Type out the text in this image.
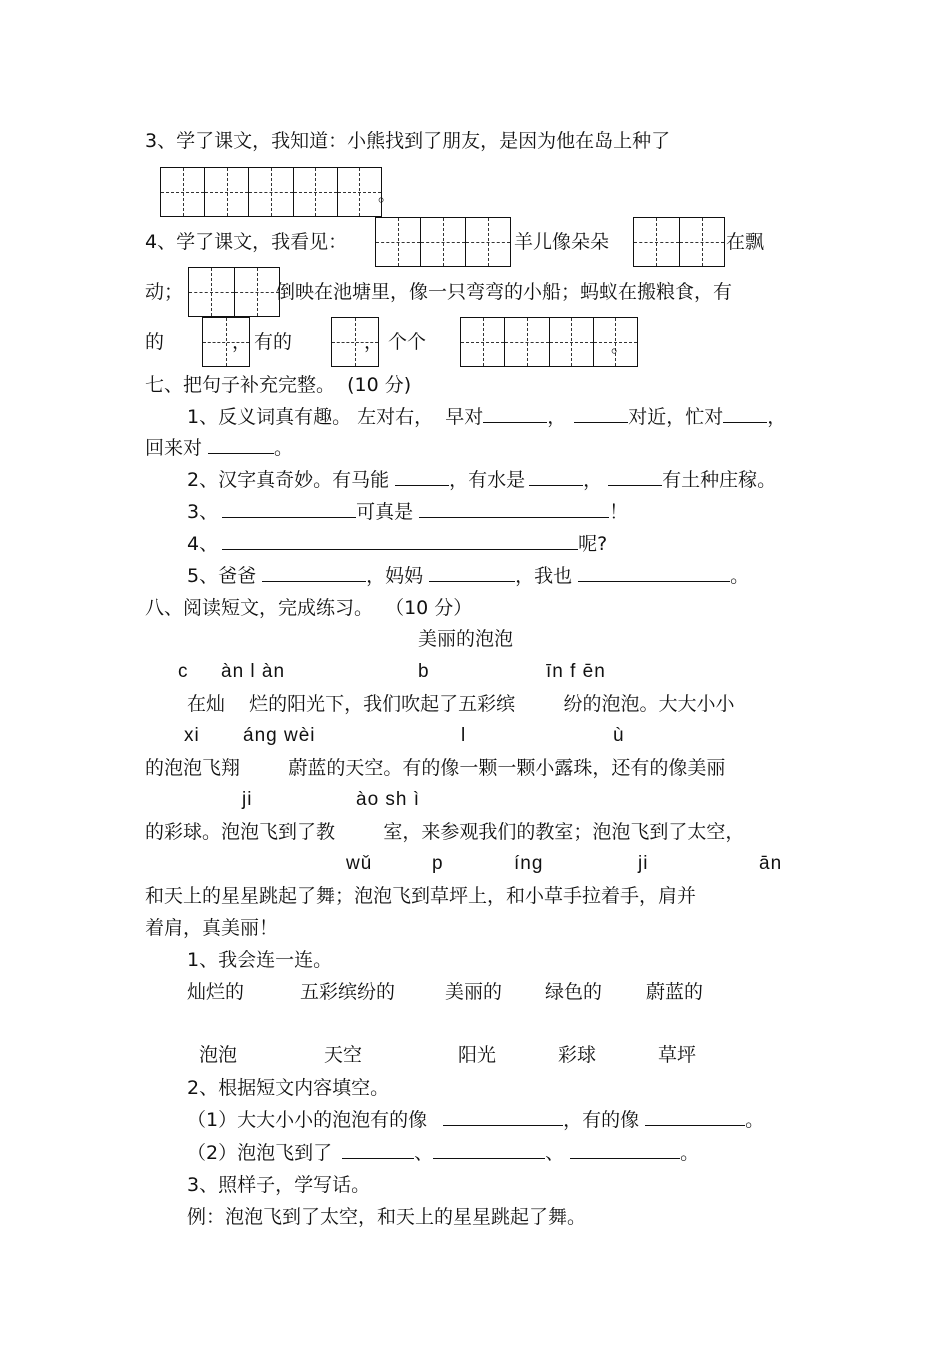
3、学了课文，我知道：小熊找到了朋友，是因为他在岛上种了
。
4、学了课文，我看见：	羊儿像朵朵	在飘
动；	倒映在池塘里，像一只弯弯的小船；蚂蚁在搬粮食，有
的	， 有的	， 个个	。
七、把句子补充完整。  (10 分)
1、反义词真有趣。 左对右，  早对	，	对近，忙对 ，
回来对	。
2、汉字真奇妙。有马能	，有水是	，	有土种庄稼。
3、	可真是	！
4、	呢?
5、爸爸	，妈妈	，我也	。
八、阅读短文，完成练习。  （10 分）
美丽的泡泡
c àn l àn	b	īn f ēn
在灿    烂的阳光下，我们吹起了五彩缤        纷的泡泡。大大小小
xi áng wèi	l	ù
的泡泡飞翔        蔚蓝的天空。有的像一颗一颗小露珠，还有的像美丽
ji	ào sh ì
的彩球。泡泡飞到了教        室，来参观我们的教室；泡泡飞到了太空，
wǔ	p	íng	ji	ān
和天上的星星跳起了舞；泡泡飞到草坪上，和小草手拉着手，肩并
着肩，真美丽！
1、我会连一连。
灿烂的	五彩缤纷的	美丽的 绿色的 蔚蓝的
泡泡	天空	阳光	彩球	草坪
2、根据短文内容填空。
（1）大大小小的泡泡有的像	，有的像	。
（2）泡泡飞到了	、	、	。
3、照样子，学写话。
例：泡泡飞到了太空，和天上的星星跳起了舞。
